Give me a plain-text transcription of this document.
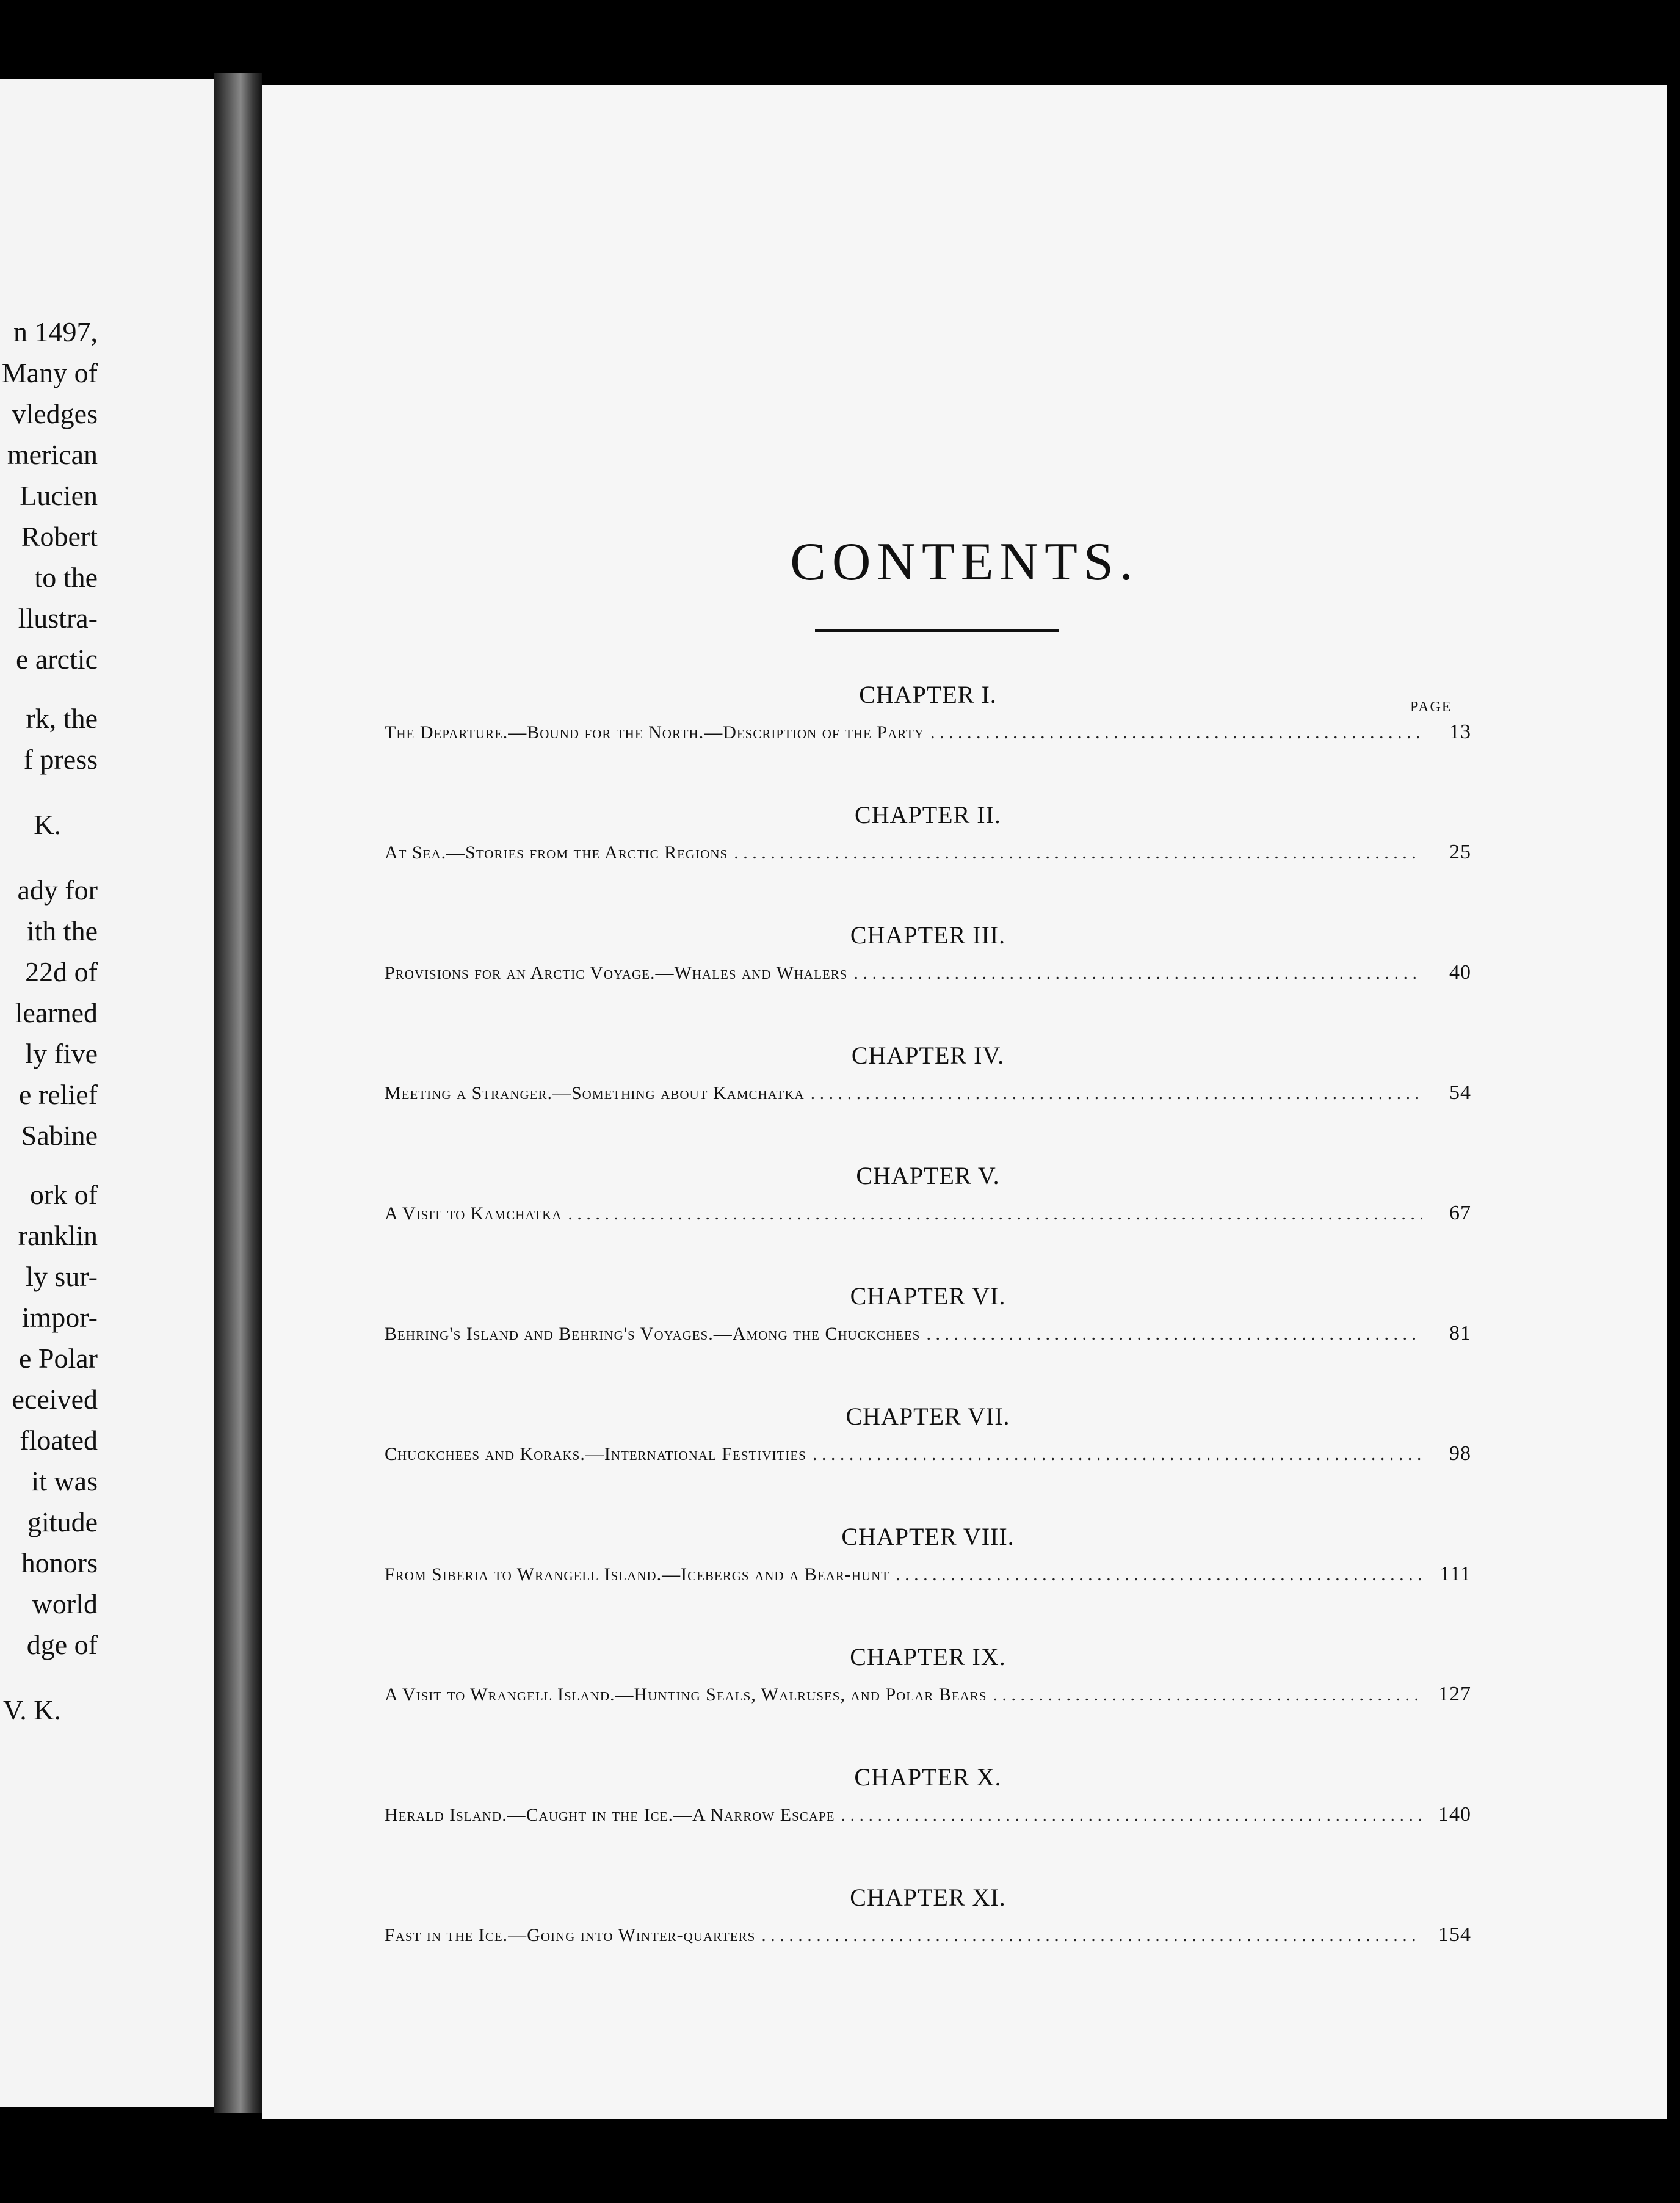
n 1497,
Many of
vledges
merican
Lucien
Robert
to the
llustra-
e arctic
rk, the
f press
K.
ady for
ith the
22d of
learned
ly five
e relief
Sabine
ork of
ranklin
ly sur-
impor-
e Polar
eceived
floated
it was
gitude
honors
world
dge of
V. K.
CONTENTS.
PAGE
CHAPTER I.
The Departure.—Bound for the North.—Description of the Party . . .	13
CHAPTER II.
At Sea.—Stories from the Arctic Regions . . .	25
CHAPTER III.
Provisions for an Arctic Voyage.—Whales and Whalers . . .	40
CHAPTER IV.
Meeting a Stranger.—Something about Kamchatka . . .	54
CHAPTER V.
A Visit to Kamchatka . . .	67
CHAPTER VI.
Behring's Island and Behring's Voyages.—Among the Chuckchees . . .	81
CHAPTER VII.
Chuckchees and Koraks.—International Festivities . . .	98
CHAPTER VIII.
From Siberia to Wrangell Island.—Icebergs and a Bear-hunt . . .	111
CHAPTER IX.
A Visit to Wrangell Island.—Hunting Seals, Walruses, and Polar Bears . . .	127
CHAPTER X.
Herald Island.—Caught in the Ice.—A Narrow Escape . . .	140
CHAPTER XI.
Fast in the Ice.—Going into Winter-quarters . . .	154
